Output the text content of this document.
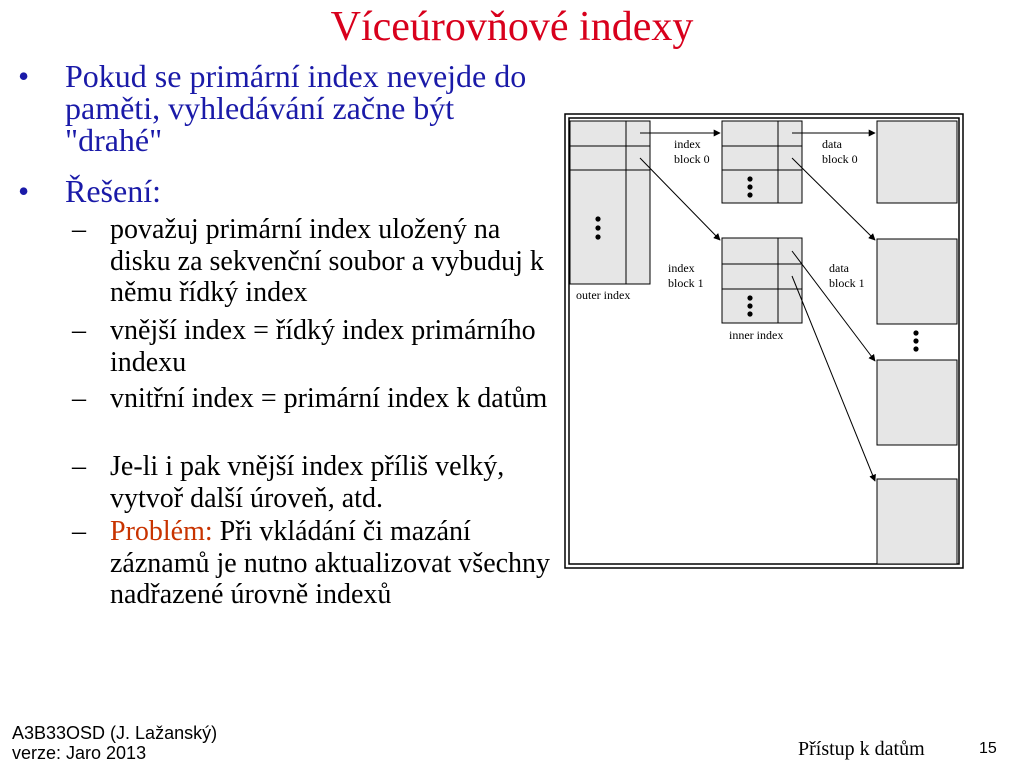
Víceúrovňové indexy
•	Pokud se primární index nevejde do paměti, vyhledávání začne být "drahé"
•	Řešení:
– považuj primární index uložený na disku za sekvenční soubor a vybuduj k němu řídký index
– vnější index = řídký index primárního indexu
– vnitřní index = primární index k datům
– Je-li i pak vnější index příliš velký, vytvoř další úroveň, atd.
– Problém: Při vkládání či mazání záznamů je nutno aktualizovat všechny nadřazené úrovně indexů
outer index
index
block 0
index
block 1
inner index
data
block 0
data
block 1
A3B33OSD (J. Lažanský)
verze: Jaro 2013	Přístup k datům	15
